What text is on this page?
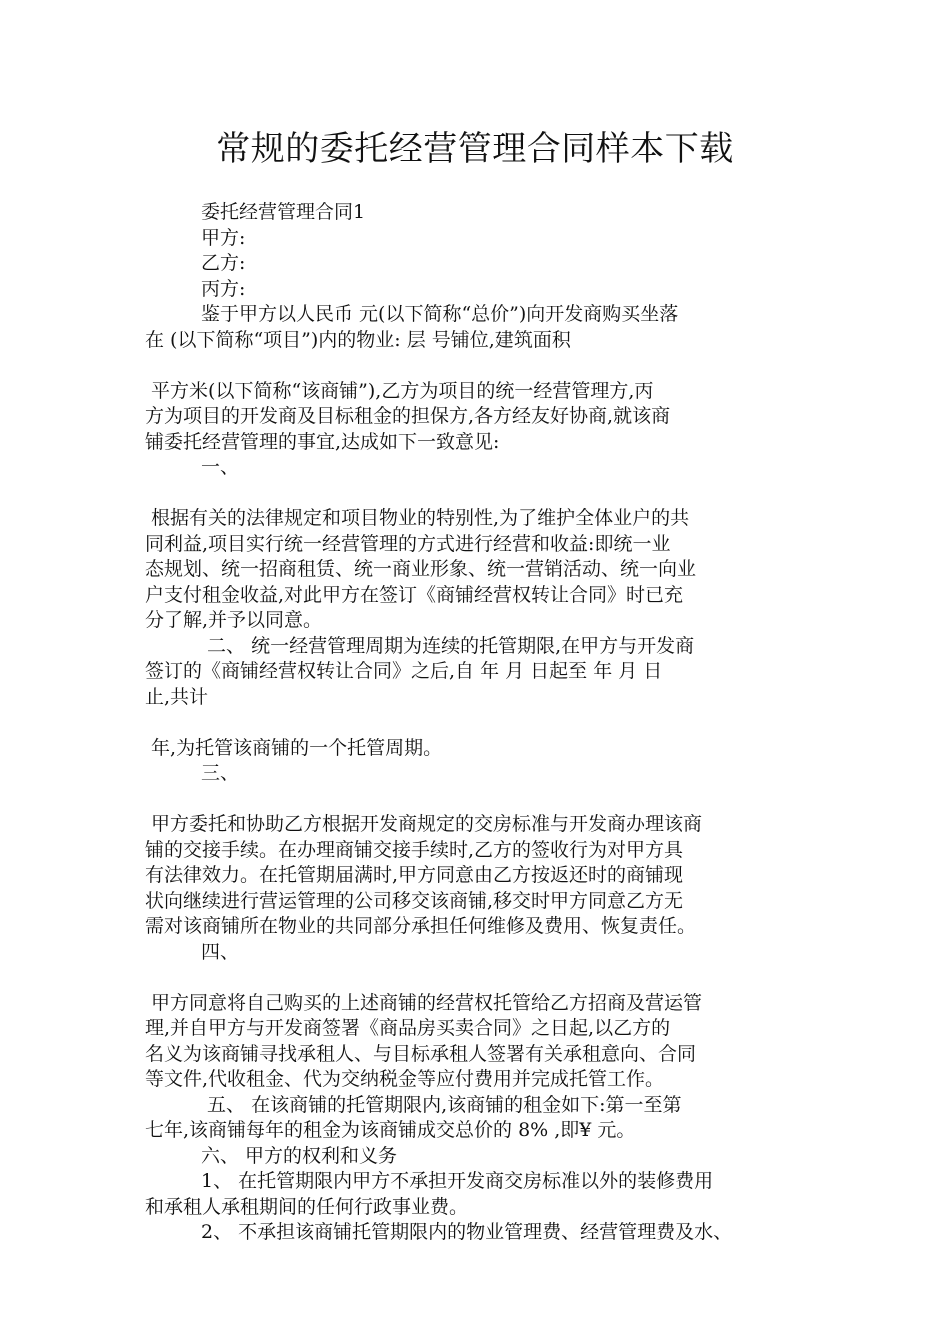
常规的委托经营管理合同样本下载
委托经营管理合同1
甲方:
乙方:
丙方:
鉴于甲方以人民币 元(以下简称“总价”)向开发商购买坐落
在 (以下简称“项目”)内的物业: 层 号铺位,建筑面积
平方米(以下简称“该商铺”),乙方为项目的统一经营管理方,丙
方为项目的开发商及目标租金的担保方,各方经友好协商,就该商
铺委托经营管理的事宜,达成如下一致意见:
一、
根据有关的法律规定和项目物业的特别性,为了维护全体业户的共
同利益,项目实行统一经营管理的方式进行经营和收益:即统一业
态规划、统一招商租赁、统一商业形象、统一营销活动、统一向业
户支付租金收益,对此甲方在签订《商铺经营权转让合同》时已充
分了解,并予以同意。
二、 统一经营管理周期为连续的托管期限,在甲方与开发商
签订的《商铺经营权转让合同》之后,自 年 月 日起至 年 月 日
止,共计
年,为托管该商铺的一个托管周期。
三、
甲方委托和协助乙方根据开发商规定的交房标准与开发商办理该商
铺的交接手续。在办理商铺交接手续时,乙方的签收行为对甲方具
有法律效力。在托管期届满时,甲方同意由乙方按返还时的商铺现
状向继续进行营运管理的公司移交该商铺,移交时甲方同意乙方无
需对该商铺所在物业的共同部分承担任何维修及费用、恢复责任。
四、
甲方同意将自己购买的上述商铺的经营权托管给乙方招商及营运管
理,并自甲方与开发商签署《商品房买卖合同》之日起,以乙方的
名义为该商铺寻找承租人、与目标承租人签署有关承租意向、合同
等文件,代收租金、代为交纳税金等应付费用并完成托管工作。
五、 在该商铺的托管期限内,该商铺的租金如下:第一至第
七年,该商铺每年的租金为该商铺成交总价的 8% ,即¥ 元。
六、 甲方的权利和义务
1、 在托管期限内甲方不承担开发商交房标准以外的装修费用
和承租人承租期间的任何行政事业费。
2、 不承担该商铺托管期限内的物业管理费、经营管理费及水、
